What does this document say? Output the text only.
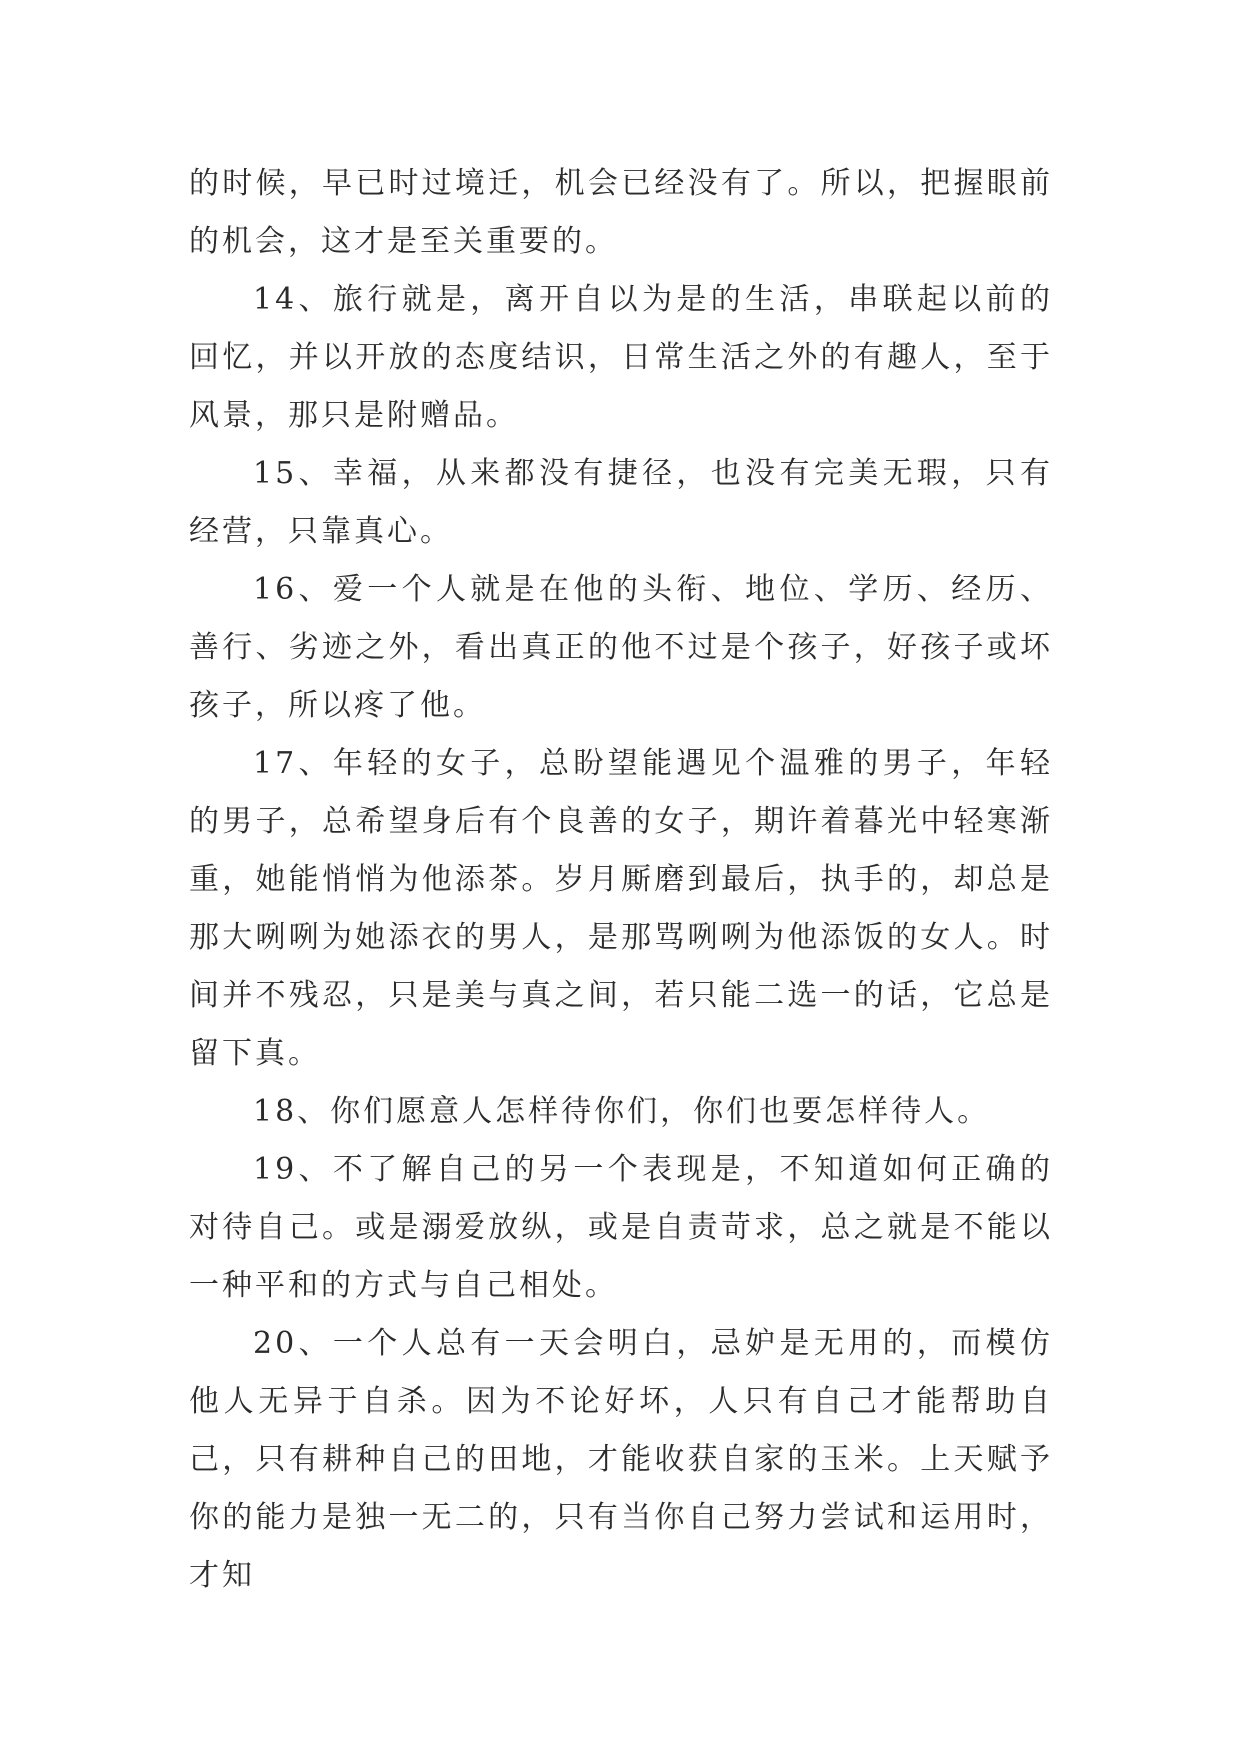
的时候，早已时过境迁，机会已经没有了。所以，把握眼前的机会，这才是至关重要的。

14、旅行就是，离开自以为是的生活，串联起以前的回忆，并以开放的态度结识，日常生活之外的有趣人，至于风景，那只是附赠品。

15、幸福，从来都没有捷径，也没有完美无瑕，只有经营，只靠真心。

16、爱一个人就是在他的头衔、地位、学历、经历、善行、劣迹之外，看出真正的他不过是个孩子，好孩子或坏孩子，所以疼了他。

17、年轻的女子，总盼望能遇见个温雅的男子，年轻的男子，总希望身后有个良善的女子，期许着暮光中轻寒渐重，她能悄悄为他添茶。岁月厮磨到最后，执手的，却总是那大咧咧为她添衣的男人，是那骂咧咧为他添饭的女人。时间并不残忍，只是美与真之间，若只能二选一的话，它总是留下真。

18、你们愿意人怎样待你们，你们也要怎样待人。

19、不了解自己的另一个表现是，不知道如何正确的对待自己。或是溺爱放纵，或是自责苛求，总之就是不能以一种平和的方式与自己相处。

20、一个人总有一天会明白，忌妒是无用的，而模仿他人无异于自杀。因为不论好坏，人只有自己才能帮助自己，只有耕种自己的田地，才能收获自家的玉米。上天赋予你的能力是独一无二的，只有当你自己努力尝试和运用时，才知
